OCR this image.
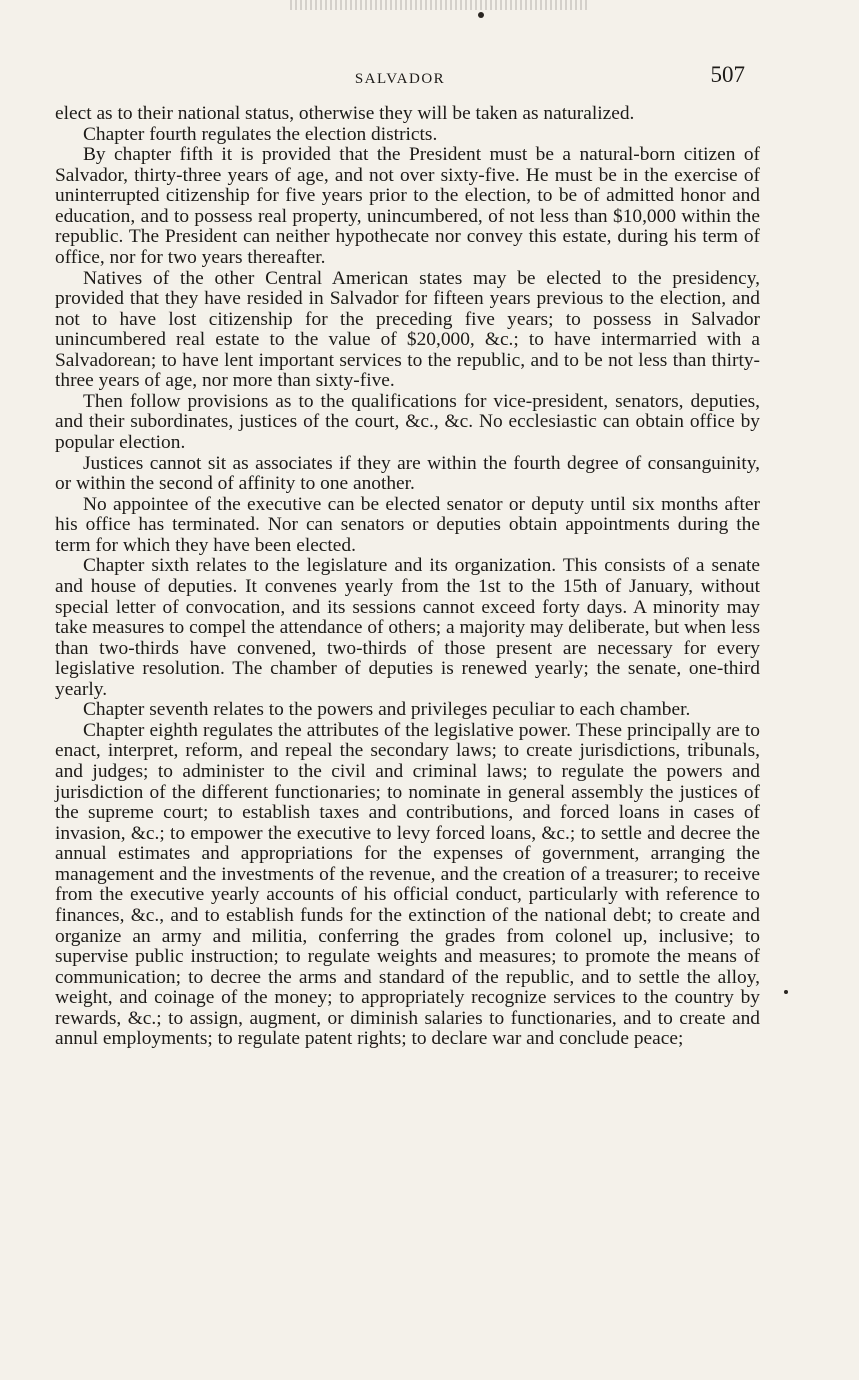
SALVADOR	507

elect as to their national status, otherwise they will be taken as naturalized.

Chapter fourth regulates the election districts.

By chapter fifth it is provided that the President must be a natural-born citizen of Salvador, thirty-three years of age, and not over sixty-five. He must be in the exercise of uninterrupted citizenship for five years prior to the election, to be of admitted honor and education, and to possess real property, unincumbered, of not less than $10,000 within the republic. The President can neither hypothecate nor convey this estate, during his term of office, nor for two years thereafter.

Natives of the other Central American states may be elected to the presidency, provided that they have resided in Salvador for fifteen years previous to the election, and not to have lost citizenship for the preceding five years; to possess in Salvador unincumbered real estate to the value of $20,000, &c.; to have intermarried with a Salvadorean; to have lent important services to the republic, and to be not less than thirty-three years of age, nor more than sixty-five.

Then follow provisions as to the qualifications for vice-president, senators, deputies, and their subordinates, justices of the court, &c., &c. No ecclesiastic can obtain office by popular election.

Justices cannot sit as associates if they are within the fourth degree of consanguinity, or within the second of affinity to one another.

No appointee of the executive can be elected senator or deputy until six months after his office has terminated. Nor can senators or deputies obtain appointments during the term for which they have been elected.

Chapter sixth relates to the legislature and its organization. This consists of a senate and house of deputies. It convenes yearly from the 1st to the 15th of January, without special letter of convocation, and its sessions cannot exceed forty days. A minority may take measures to compel the attendance of others; a majority may deliberate, but when less than two-thirds have convened, two-thirds of those present are necessary for every legislative resolution. The chamber of deputies is renewed yearly; the senate, one-third yearly.

Chapter seventh relates to the powers and privileges peculiar to each chamber.

Chapter eighth regulates the attributes of the legislative power. These principally are to enact, interpret, reform, and repeal the secondary laws; to create jurisdictions, tribunals, and judges; to administer to the civil and criminal laws; to regulate the powers and jurisdiction of the different functionaries; to nominate in general assembly the justices of the supreme court; to establish taxes and contributions, and forced loans in cases of invasion, &c.; to empower the executive to levy forced loans, &c.; to settle and decree the annual estimates and appropriations for the expenses of government, arranging the management and the investments of the revenue, and the creation of a treasurer; to receive from the executive yearly accounts of his official conduct, particularly with reference to finances, &c., and to establish funds for the extinction of the national debt; to create and organize an army and militia, conferring the grades from colonel up, inclusive; to supervise public instruction; to regulate weights and measures; to promote the means of communication; to decree the arms and standard of the republic, and to settle the alloy, weight, and coinage of the money; to appropriately recognize services to the country by rewards, &c.; to assign, augment, or diminish salaries to functionaries, and to create and annul employments; to regulate patent rights; to declare war and conclude peace;
